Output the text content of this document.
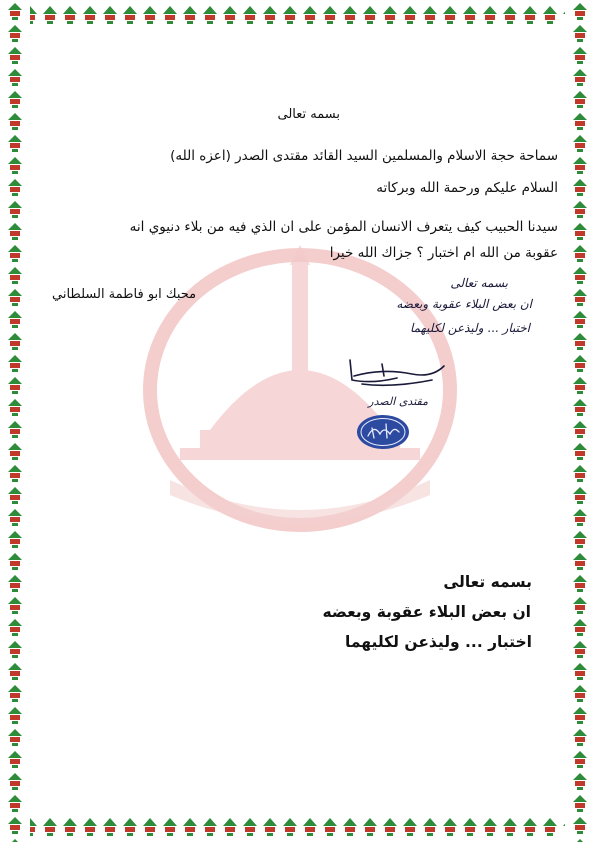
بسمه تعالى
سماحة حجة الاسلام والمسلمين السيد القائد مقتدى الصدر (اعزه الله)
السلام عليكم ورحمة الله وبركاته
سيدنا الحبيب كيف يتعرف الانسان المؤمن على ان الذي فيه من بلاء دنيوي انه
عقوبة من الله ام اختبار ؟ جزاك الله خيرا
محبك ابو فاطمة السلطاني
بسمه تعالى
ان بعض البلاء عقوبة وبعضه
اختبار ... وليذعن لكليهما
مقتدى الصدر
بسمه تعالى
ان بعض البلاء عقوبة وبعضه
اختبار ... وليذعن لكليهما
